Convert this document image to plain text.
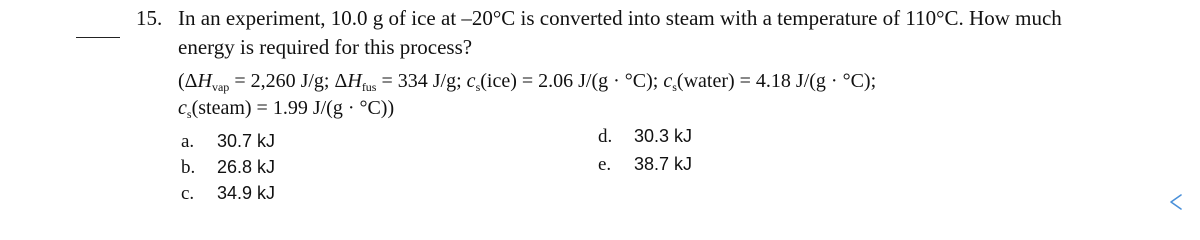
15. In an experiment, 10.0 g of ice at –20°C is converted into steam with a temperature of 110°C. How much
energy is required for this process?
($\Delta H_{vap} = 2,260$ J/g; $\Delta H_{fus} = 334$ J/g; $c_s(ice) = 2.06$ J/(g · °C); $c_s(water) = 4.18$ J/(g · °C);
$c_s(steam) = 1.99$ J/(g · °C))
a. 30.7 kJ
b. 26.8 kJ
c. 34.9 kJ
d. 30.3 kJ
e. 38.7 kJ
